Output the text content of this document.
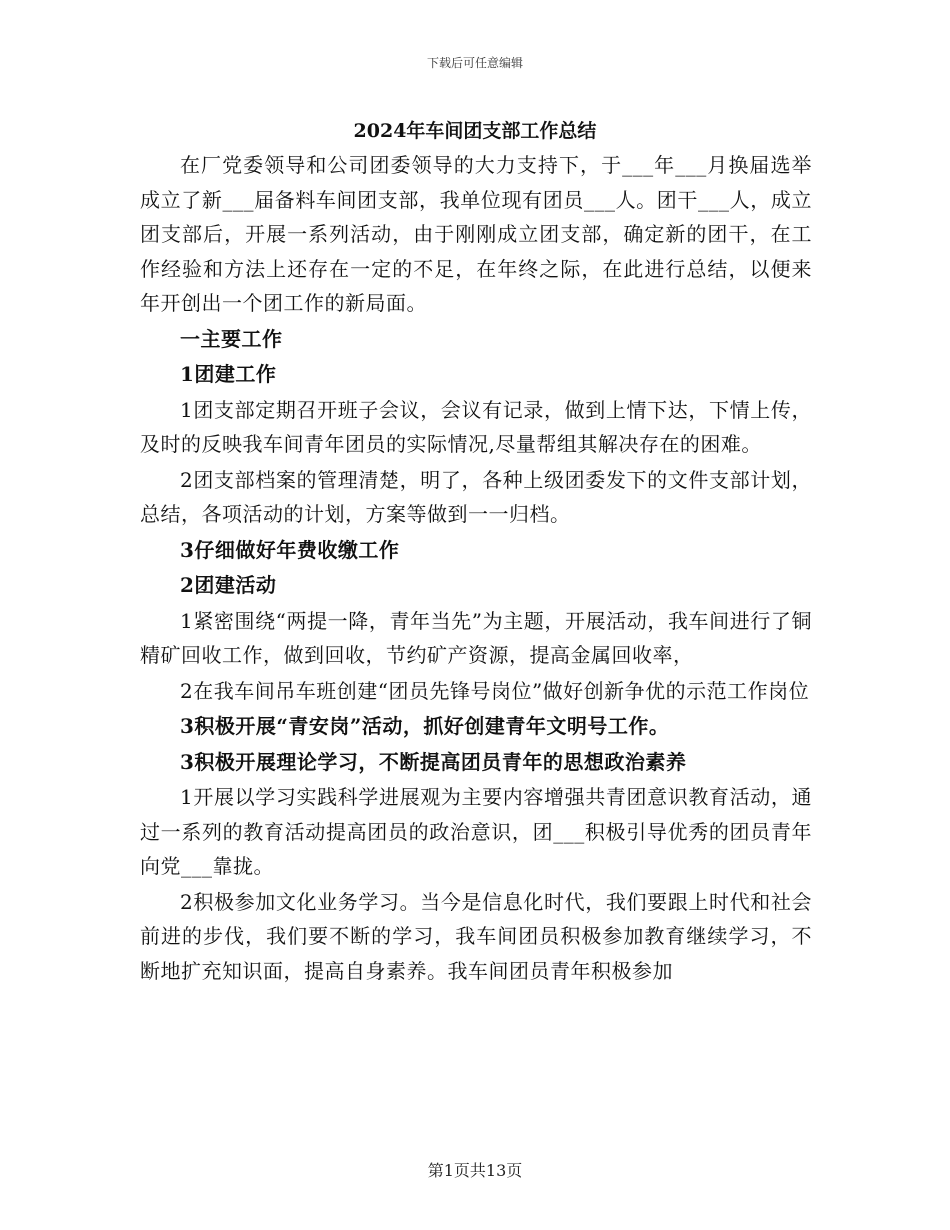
下载后可任意编辑
2024年车间团支部工作总结

在厂党委领导和公司团委领导的大力支持下，于___年___月换届选举成立了新___届备料车间团支部，我单位现有团员___人。团干___人，成立团支部后，开展一系列活动，由于刚刚成立团支部，确定新的团干，在工作经验和方法上还存在一定的不足，在年终之际，在此进行总结，以便来年开创出一个团工作的新局面。

一主要工作

1团建工作

1团支部定期召开班子会议，会议有记录，做到上情下达，下情上传，及时的反映我车间青年团员的实际情况,尽量帮组其解决存在的困难。

2团支部档案的管理清楚，明了，各种上级团委发下的文件支部计划，总结，各项活动的计划，方案等做到一一归档。

3仔细做好年费收缴工作

2团建活动

1紧密围绕“两提一降，青年当先”为主题，开展活动，我车间进行了铜精矿回收工作，做到回收，节约矿产资源，提高金属回收率，

2在我车间吊车班创建“团员先锋号岗位”做好创新争优的示范工作岗位

3积极开展“青安岗”活动，抓好创建青年文明号工作。

3积极开展理论学习，不断提高团员青年的思想政治素养

1开展以学习实践科学进展观为主要内容增强共青团意识教育活动，通过一系列的教育活动提高团员的政治意识，团___积极引导优秀的团员青年向党___靠拢。

2积极参加文化业务学习。当今是信息化时代，我们要跟上时代和社会前进的步伐，我们要不断的学习，我车间团员积极参加教育继续学习，不断地扩充知识面，提高自身素养。我车间团员青年积极参加

第1页共13页
